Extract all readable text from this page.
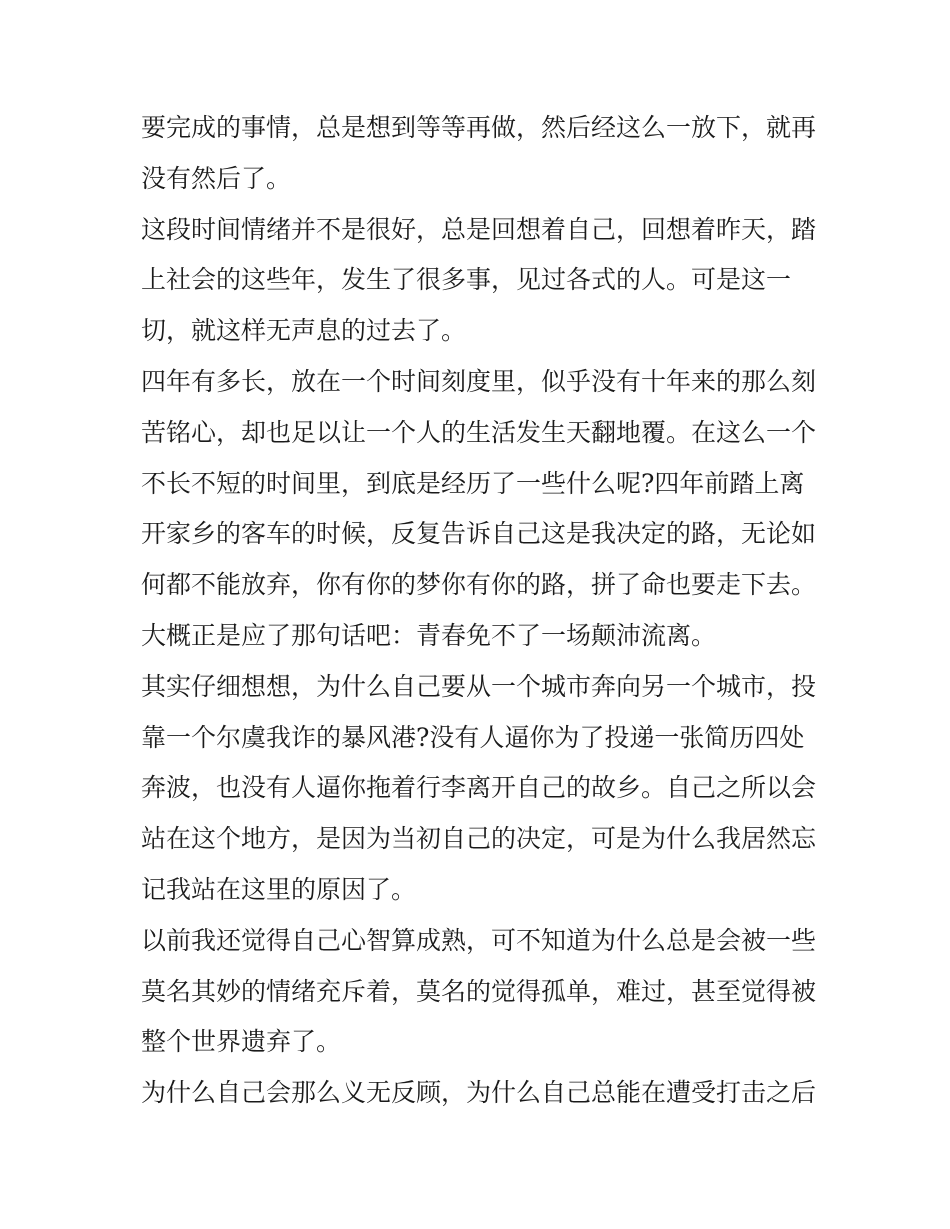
要完成的事情，总是想到等等再做，然后经这么一放下，就再
没有然后了。
这段时间情绪并不是很好，总是回想着自己，回想着昨天，踏
上社会的这些年，发生了很多事，见过各式的人。可是这一
切，就这样无声息的过去了。
四年有多长，放在一个时间刻度里，似乎没有十年来的那么刻
苦铭心，却也足以让一个人的生活发生天翻地覆。在这么一个
不长不短的时间里，到底是经历了一些什么呢?四年前踏上离
开家乡的客车的时候，反复告诉自己这是我决定的路，无论如
何都不能放弃，你有你的梦你有你的路，拼了命也要走下去。
大概正是应了那句话吧：青春免不了一场颠沛流离。
其实仔细想想，为什么自己要从一个城市奔向另一个城市，投
靠一个尔虞我诈的暴风港?没有人逼你为了投递一张简历四处
奔波，也没有人逼你拖着行李离开自己的故乡。自己之所以会
站在这个地方，是因为当初自己的决定，可是为什么我居然忘
记我站在这里的原因了。
以前我还觉得自己心智算成熟，可不知道为什么总是会被一些
莫名其妙的情绪充斥着，莫名的觉得孤单，难过，甚至觉得被
整个世界遗弃了。
为什么自己会那么义无反顾，为什么自己总能在遭受打击之后
